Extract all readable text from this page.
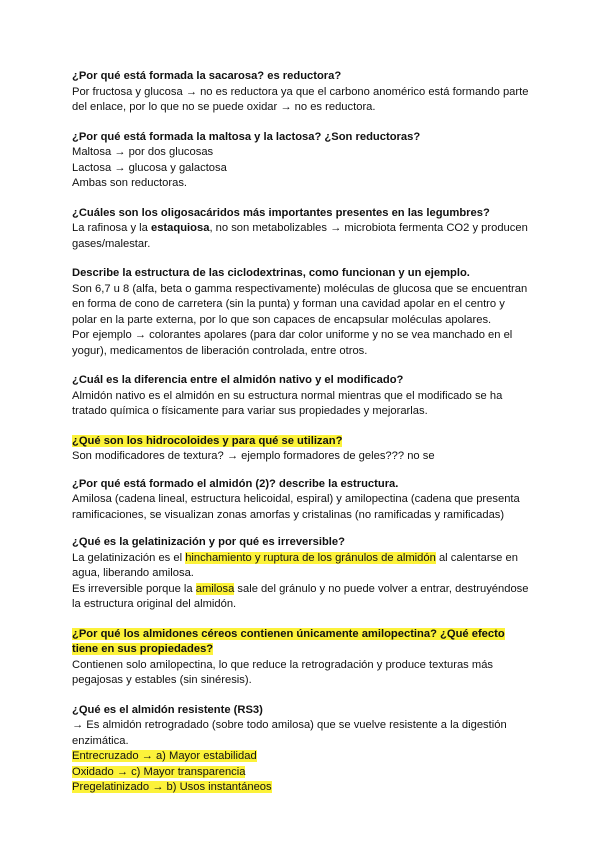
¿Por qué está formada la sacarosa? es reductora?

Por fructosa y glucosa → no es reductora ya que el carbono anomérico está formando parte del enlace, por lo que no se puede oxidar → no es reductora.

¿Por qué está formada la maltosa y la lactosa? ¿Son reductoras?

Maltosa → por dos glucosas

Lactosa → glucosa y galactosa

Ambas son reductoras.

¿Cuáles son los oligosacáridos más importantes presentes en las legumbres?

La rafinosa y la estaquiosa, no son metabolizables → microbiota fermenta CO2 y producen gases/malestar.

Describe la estructura de las ciclodextrinas, como funcionan y un ejemplo.

Son 6,7 u 8 (alfa, beta o gamma respectivamente) moléculas de glucosa que se encuentran en forma de cono de carretera (sin la punta) y forman una cavidad apolar en el centro y polar en la parte externa, por lo que son capaces de encapsular moléculas apolares.

Por ejemplo → colorantes apolares (para dar color uniforme y no se vea manchado en el yogur), medicamentos de liberación controlada, entre otros.

¿Cuál es la diferencia entre el almidón nativo y el modificado?

Almidón nativo es el almidón en su estructura normal mientras que el modificado se ha tratado química o físicamente para variar sus propiedades y mejorarlas.

¿Qué son los hidrocoloides y para qué se utilizan?

Son modificadores de textura? → ejemplo formadores de geles??? no se

¿Por qué está formado el almidón (2)? describe la estructura.

Amilosa (cadena lineal, estructura helicoidal, espiral) y amilopectina (cadena que presenta ramificaciones, se visualizan zonas amorfas y cristalinas (no ramificadas y ramificadas)

¿Qué es la gelatinización y por qué es irreversible?

La gelatinización es el hinchamiento y ruptura de los gránulos de almidón al calentarse en agua, liberando amilosa.

Es irreversible porque la amilosa sale del gránulo y no puede volver a entrar, destruyéndose la estructura original del almidón.

¿Por qué los almidones céreos contienen únicamente amilopectina? ¿Qué efecto tiene en sus propiedades?

Contienen solo amilopectina, lo que reduce la retrogradación y produce texturas más pegajosas y estables (sin sinéresis).

¿Qué es el almidón resistente (RS3)

→ Es almidón retrogradado (sobre todo amilosa) que se vuelve resistente a la digestión enzimática.

Entrecruzado → a) Mayor estabilidad

Oxidado → c) Mayor transparencia

Pregelatinizado → b) Usos instantáneos
